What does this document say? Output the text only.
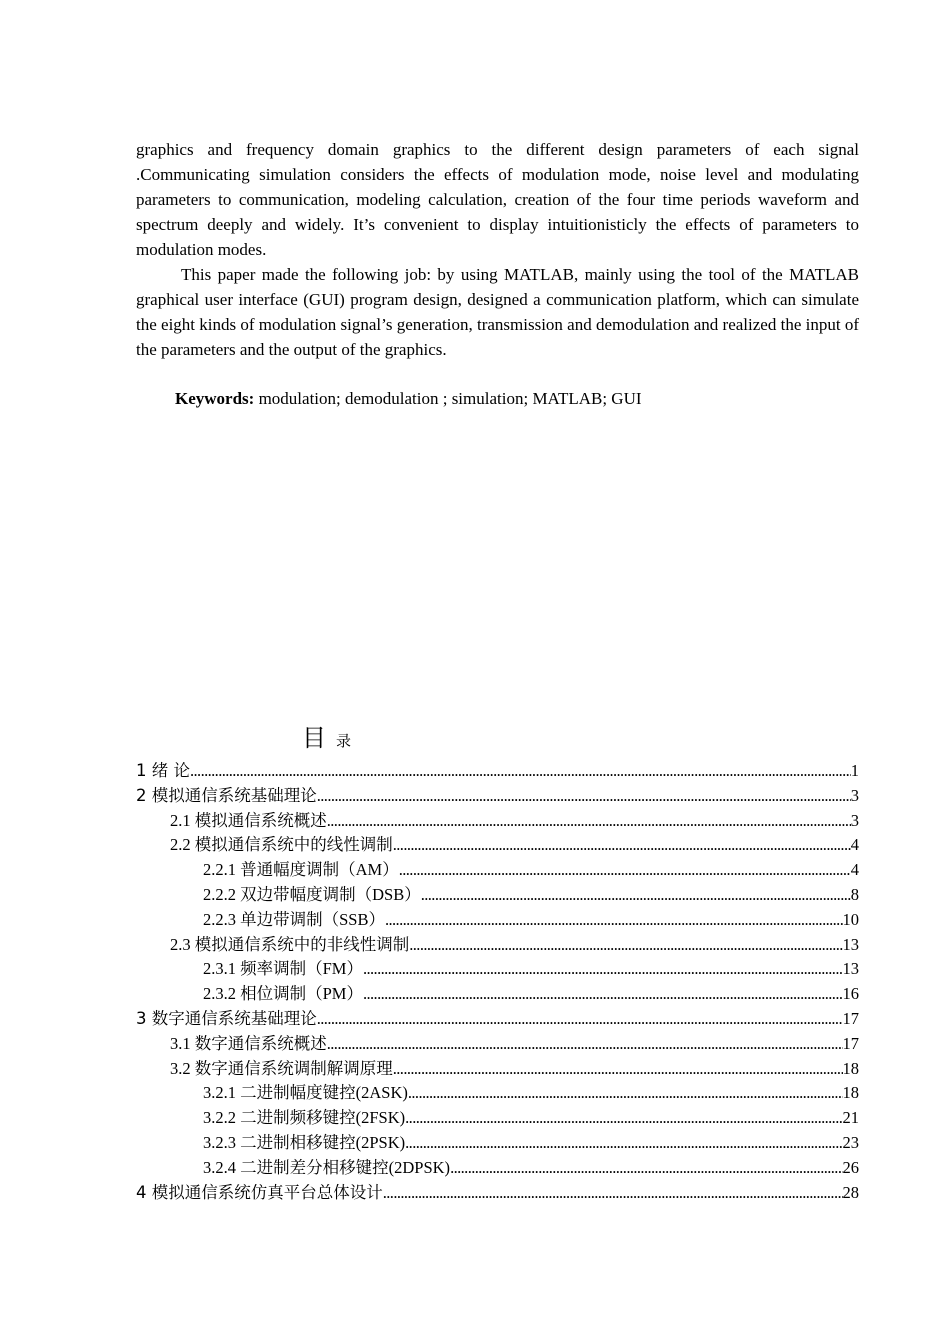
graphics and frequency domain graphics to the different design parameters of each signal .Communicating simulation considers the effects of modulation mode, noise level and modulating parameters to communication, modeling calculation, creation of the four time periods waveform and spectrum deeply and widely. It’s convenient to display intuitionisticly the effects of parameters to modulation modes.

This paper made the following job: by using MATLAB, mainly using the tool of the MATLAB graphical user interface (GUI) program design, designed a communication platform, which can simulate the eight kinds of modulation signal’s generation, transmission and demodulation and realized the input of the parameters and the output of the graphics.

Keywords: modulation; demodulation ; simulation; MATLAB; GUI
目录
1 绪 论 .....	1
2 模拟通信系统基础理论 .....	3
2.1 模拟通信系统概述 .....	3
2.2 模拟通信系统中的线性调制 .....	4
2.2.1 普通幅度调制（AM） .....	4
2.2.2 双边带幅度调制（DSB） .....	8
2.2.3 单边带调制（SSB） .....	10
2.3 模拟通信系统中的非线性调制 .....	13
2.3.1 频率调制（FM） .....	13
2.3.2 相位调制（PM） .....	16
3 数字通信系统基础理论 .....	17
3.1 数字通信系统概述 .....	17
3.2 数字通信系统调制解调原理 .....	18
3.2.1 二进制幅度键控(2ASK) .....	18
3.2.2 二进制频移键控(2FSK) .....	21
3.2.3 二进制相移键控(2PSK) .....	23
3.2.4 二进制差分相移键控(2DPSK) .....	26
4 模拟通信系统仿真平台总体设计 .....	28
